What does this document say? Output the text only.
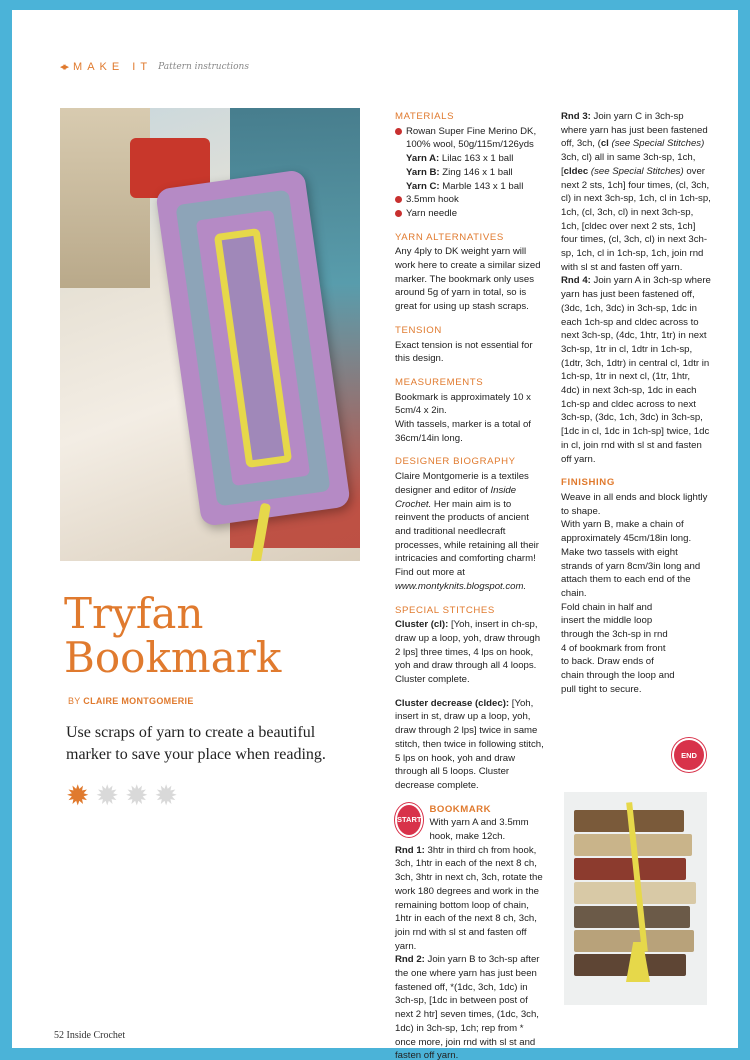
◂▸ MAKE IT Pattern instructions
Tryfan
Bookmark
BY CLAIRE MONTGOMERIE

Use scraps of yarn to create a beautiful marker to save your place when reading.

✹ ✹ ✹ ✹
MATERIALS
Rowan Super Fine Merino DK, 100% wool, 50g/115m/126yds
Yarn A: Lilac 163 x 1 ball
Yarn B: Zing 146 x 1 ball
Yarn C: Marble 143 x 1 ball
3.5mm hook
Yarn needle
YARN ALTERNATIVES
Any 4ply to DK weight yarn will work here to create a similar sized marker. The bookmark only uses around 5g of yarn in total, so is great for using up stash scraps.
TENSION
Exact tension is not essential for this design.
MEASUREMENTS
Bookmark is approximately 10 x 5cm/4 x 2in.
With tassels, marker is a total of 36cm/14in long.
DESIGNER BIOGRAPHY
Claire Montgomerie is a textiles designer and editor of Inside Crochet. Her main aim is to reinvent the products of ancient and traditional needlecraft processes, while retaining all their intricacies and comforting charm! Find out more at www.montyknits.blogspot.com.
SPECIAL STITCHES
Cluster (cl): [Yoh, insert in ch-sp, draw up a loop, yoh, draw through 2 lps] three times, 4 lps on hook, yoh and draw through all 4 loops. Cluster complete.
Cluster decrease (cldec): [Yoh, insert in st, draw up a loop, yoh, draw through 2 lps] twice in same stitch, then twice in following stitch, 5 lps on hook, yoh and draw through all 5 loops. Cluster decrease complete.
START
BOOKMARK
With yarn A and 3.5mm hook, make 12ch.
Rnd 1: 3htr in third ch from hook, 3ch, 1htr in each of the next 8 ch, 3ch, 3htr in next ch, 3ch, rotate the work 180 degrees and work in the remaining bottom loop of chain, 1htr in each of the next 8 ch, 3ch, join rnd with sl st and fasten off yarn.
Rnd 2: Join yarn B to 3ch-sp after the one where yarn has just been fastened off, *(1dc, 3ch, 1dc) in 3ch-sp, [1dc in between post of next 2 htr] seven times, (1dc, 3ch, 1dc) in 3ch-sp, 1ch; rep from * once more, join rnd with sl st and fasten off yarn.
Rnd 3: Join yarn C in 3ch-sp where yarn has just been fastened off, 3ch, (cl (see Special Stitches) 3ch, cl) all in same 3ch-sp, 1ch, [cldec (see Special Stitches) over next 2 sts, 1ch] four times, (cl, 3ch, cl) in next 3ch-sp, 1ch, cl in 1ch-sp, 1ch, (cl, 3ch, cl) in next 3ch-sp, 1ch, [cldec over next 2 sts, 1ch] four times, (cl, 3ch, cl) in next 3ch-sp, 1ch, cl in 1ch-sp, 1ch, join rnd with sl st and fasten off yarn.
Rnd 4: Join yarn A in 3ch-sp where yarn has just been fastened off, (3dc, 1ch, 3dc) in 3ch-sp, 1dc in each 1ch-sp and cldec across to next 3ch-sp, (4dc, 1htr, 1tr) in next 3ch-sp, 1tr in cl, 1dtr in 1ch-sp, (1dtr, 3ch, 1dtr) in central cl, 1dtr in 1ch-sp, 1tr in next cl, (1tr, 1htr, 4dc) in next 3ch-sp, 1dc in each 1ch-sp and cldec across to next 3ch-sp, (3dc, 1ch, 3dc) in 3ch-sp, [1dc in cl, 1dc in 1ch-sp] twice, 1dc in cl, join rnd with sl st and fasten off yarn.
FINISHING
Weave in all ends and block lightly to shape.
With yarn B, make a chain of approximately 45cm/18in long. Make two tassels with eight strands of yarn 8cm/3in long and attach them to each end of the chain.
Fold chain in half and insert the middle loop through the 3ch-sp in rnd 4 of bookmark from front to back. Draw ends of chain through the loop and pull tight to secure.
END
52 Inside Crochet
